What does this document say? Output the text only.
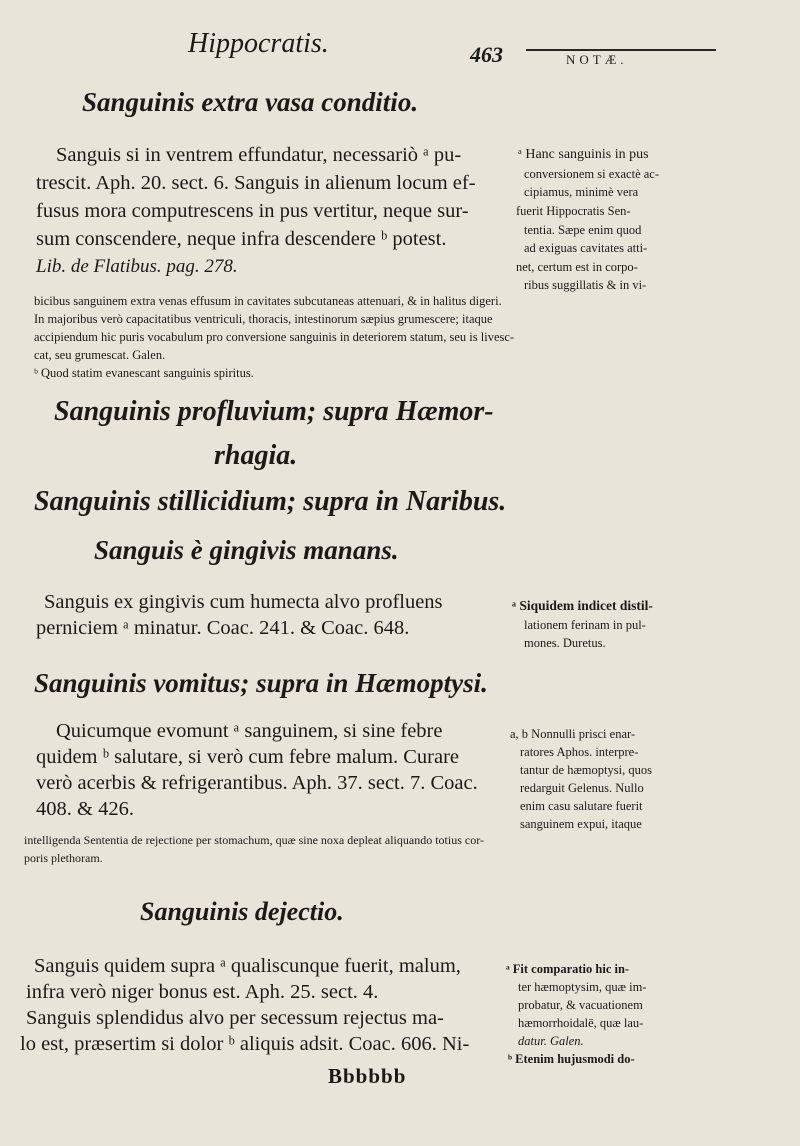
Hippocratis.	463	NOTÆ.
Sanguinis extra vasa conditio.
Sanguis si in ventrem effundatur, necessariò ᵃ pu-
trescit. Aph. 20. sect. 6. Sanguis in alienum locum ef-
fusus mora computrescens in pus vertitur, neque sur-
sum conscendere, neque infra descendere ᵇ potest.
Lib. de Flatibus. pag. 278.
ᵃ Hanc sanguinis in pus
conversionem si exactè ac-
cipiamus, minimè vera
fuerit Hippocratis Sen-
tentia. Sæpe enim quod
ad exiguas cavitates atti-
net, certum est in corpo-
ribus suggillatis & in vi-
bicibus sanguinem extra venas effusum in cavitates subcutaneas attenuari, & in halitus digeri.
In majoribus verò capacitatibus ventriculi, thoracis, intestinorum sæpius grumescere; itaque
accipiendum hic puris vocabulum pro conversione sanguinis in deteriorem statum, seu is livesc-
cat, seu grumescat. Galen.
ᵇ Quod statim evanescant sanguinis spiritus.
Sanguinis profluvium; supra Hæmor-
rhagia.
Sanguinis stillicidium; supra in Naribus.
Sanguis è gingivis manans.
Sanguis ex gingivis cum humecta alvo profluens
perniciem ᵃ minatur. Coac. 241. & Coac. 648.
ᵃ Siquidem indicet distil-
lationem ferinam in pul-
mones. Duretus.
Sanguinis vomitus; supra in Hæmoptysi.
Quicumque evomunt ᵃ sanguinem, si sine febre
quidem ᵇ salutare, si verò cum febre malum. Curare
verò acerbis & refrigerantibus. Aph. 37. sect. 7. Coac.
408. & 426.
a, b Nonnulli prisci enar-
ratores Aphos. interpre-
tantur de hæmoptysi, quos
redarguit Gelenus. Nullo
enim casu salutare fuerit
sanguinem expui, itaque
intelligenda Sententia de rejectione per stomachum, quæ sine noxa depleat aliquando totius cor-
poris plethoram.
Sanguinis dejectio.
Sanguis quidem supra ᵃ qualiscunque fuerit, malum,
infra verò niger bonus est. Aph. 25. sect. 4.
Sanguis splendidus alvo per secessum rejectus ma-
lo est, præsertim si dolor ᵇ aliquis adsit. Coac. 606. Ni-
ᵃ Fit comparatio hic in-
ter hæmoptysim, quæ im-
probatur, & vacuationem
hæmorrhoidalē, quæ lau-
datur. Galen.
ᵇ Etenim hujusmodi do-
Bbbbbb
